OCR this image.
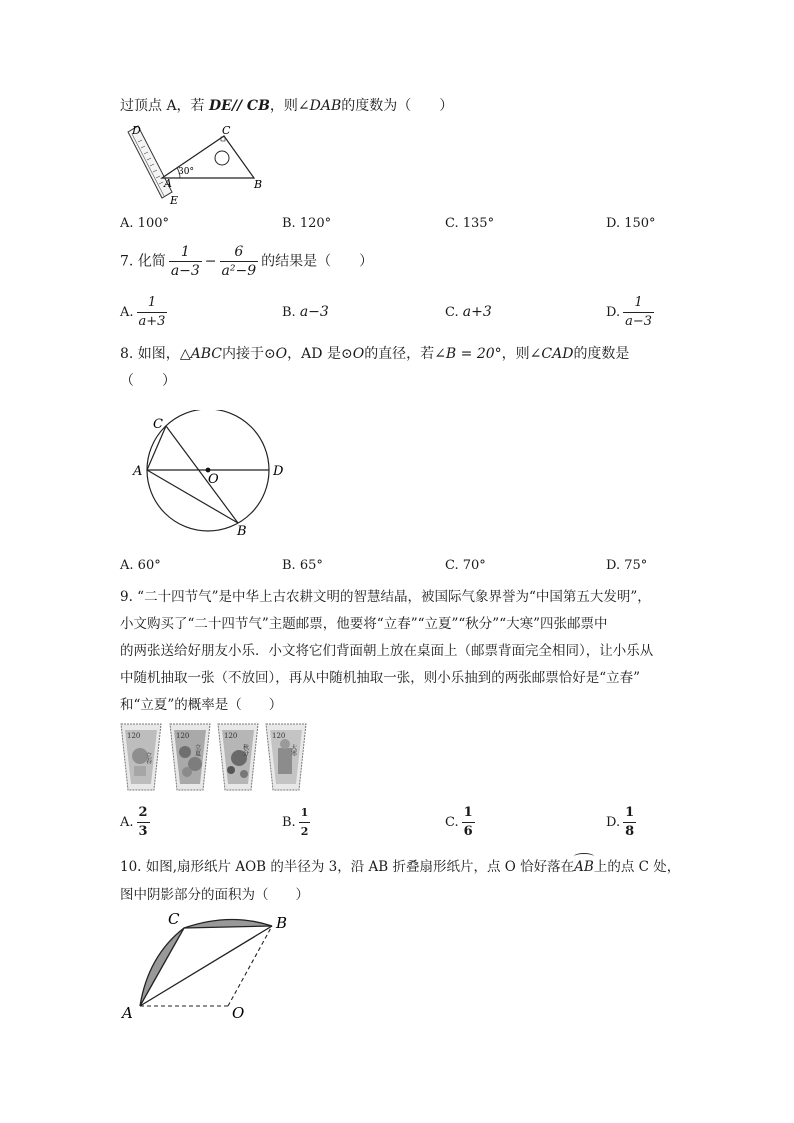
过顶点 A，若 DE// CB，则∠DAB的度数为（　　）
D	C
A	B
E
30°
A. 100°	B. 120°	C. 135°	D. 150°
7. 化简 $\frac{1}{a-3} - \frac{6}{\text{a²−9}}$ 的结果是（　　）
A. $\frac{1}{a+3}$	B. a−3	C. a+3	D. $\frac{1}{a-3}$
8. 如图，△ABC内接于⊙O，AD 是⊙O的直径，若∠B = 20°，则∠CAD的度数是
（　　）
C
A
O
D
B
A. 60°	B. 65°	C. 70°	D. 75°
9. “二十四节气”是中华上古农耕文明的智慧结晶，被国际气象界誉为“中国第五大发明”，
小文购买了“二十四节气”主题邮票，他要将“立春”“立夏”“秋分”“大寒”四张邮票中
的两张送给好朋友小乐．小文将它们背面朝上放在桌面上（邮票背面完全相同），让小乐从
中随机抽取一张（不放回），再从中随机抽取一张，则小乐抽到的两张邮票恰好是“立春”
和“立夏”的概率是（　　）
120
立春
120
立夏
120
秋分
120
大寒
A. $\frac{2}{3}$	B. $\frac{1}{2}$	C. $\frac{1}{6}$	D. $\frac{1}{8}$
10. 如图,扇形纸片 AOB 的半径为 3，沿 AB 折叠扇形纸片，点 O 恰好落在
AB上的点 C 处，
图中阴影部分的面积为（　　）
C	B
A	O
